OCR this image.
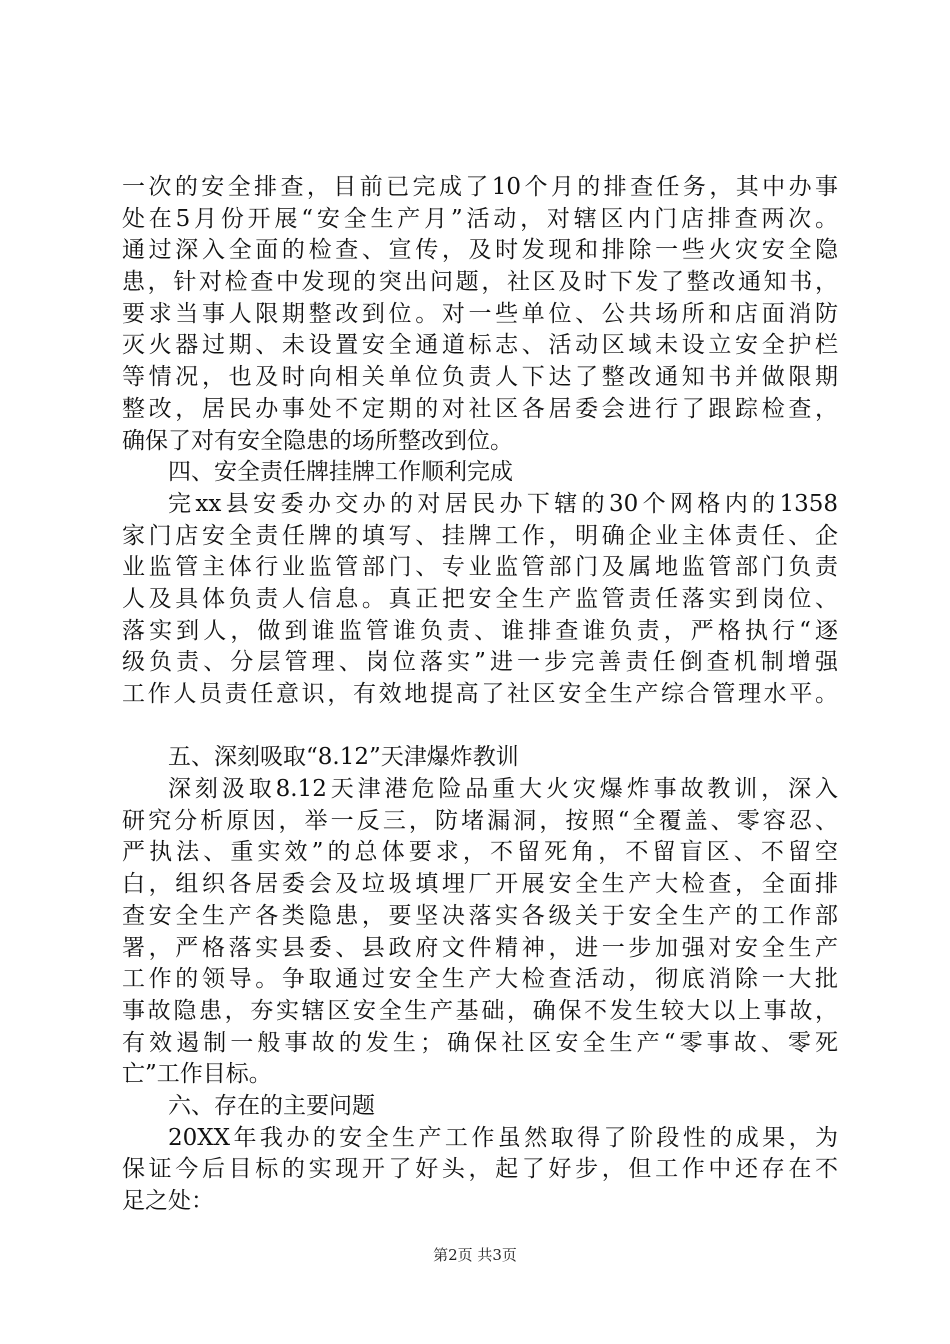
一次的安全排查，目前已完成了10个月的排查任务，其中办事
处在5月份开展“安全生产月”活动，对辖区内门店排查两次。
通过深入全面的检查、宣传，及时发现和排除一些火灾安全隐
患，针对检查中发现的突出问题，社区及时下发了整改通知书，
要求当事人限期整改到位。对一些单位、公共场所和店面消防
灭火器过期、未设置安全通道标志、活动区域未设立安全护栏
等情况，也及时向相关单位负责人下达了整改通知书并做限期
整改，居民办事处不定期的对社区各居委会进行了跟踪检查，
确保了对有安全隐患的场所整改到位。
四、安全责任牌挂牌工作顺利完成
完xx县安委办交办的对居民办下辖的30个网格内的1358
家门店安全责任牌的填写、挂牌工作，明确企业主体责任、企
业监管主体行业监管部门、专业监管部门及属地监管部门负责
人及具体负责人信息。真正把安全生产监管责任落实到岗位、
落实到人，做到谁监管谁负责、谁排查谁负责，严格执行“逐
级负责、分层管理、岗位落实”进一步完善责任倒查机制增强
工作人员责任意识，有效地提高了社区安全生产综合管理水平。
五、深刻吸取“8.12”天津爆炸教训
深刻汲取8.12天津港危险品重大火灾爆炸事故教训，深入
研究分析原因，举一反三，防堵漏洞，按照“全覆盖、零容忍、
严执法、重实效”的总体要求，不留死角，不留盲区、不留空
白，组织各居委会及垃圾填埋厂开展安全生产大检查，全面排
查安全生产各类隐患，要坚决落实各级关于安全生产的工作部
署，严格落实县委、县政府文件精神，进一步加强对安全生产
工作的领导。争取通过安全生产大检查活动，彻底消除一大批
事故隐患，夯实辖区安全生产基础，确保不发生较大以上事故，
有效遏制一般事故的发生；确保社区安全生产“零事故、零死
亡”工作目标。
六、存在的主要问题
20XX年我办的安全生产工作虽然取得了阶段性的成果，为
保证今后目标的实现开了好头，起了好步，但工作中还存在不
足之处：
第2页 共3页
